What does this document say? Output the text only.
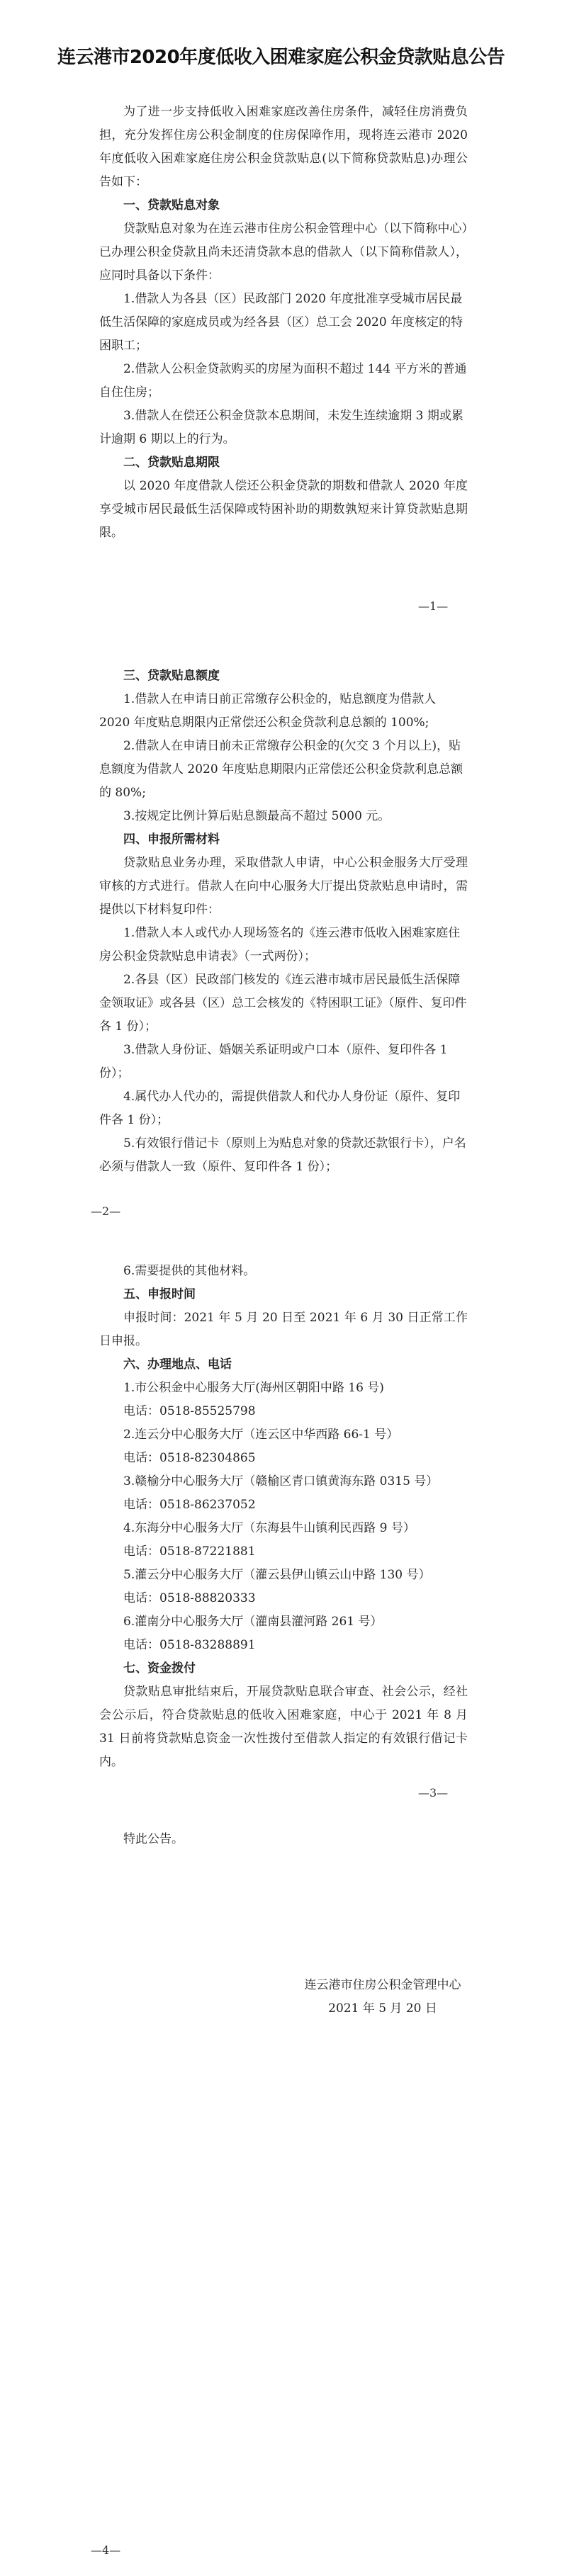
连云港市2020年度低收入困难家庭公积金贷款贴息公告

为了进一步支持低收入困难家庭改善住房条件，减轻住房消费负担，充分发挥住房公积金制度的住房保障作用，现将连云港市 2020 年度低收入困难家庭住房公积金贷款贴息(以下简称贷款贴息)办理公告如下：

一、贷款贴息对象

贷款贴息对象为在连云港市住房公积金管理中心（以下简称中心）已办理公积金贷款且尚未还清贷款本息的借款人（以下简称借款人），应同时具备以下条件：

1.借款人为各县（区）民政部门 2020 年度批准享受城市居民最低生活保障的家庭成员或为经各县（区）总工会 2020 年度核定的特困职工；

2.借款人公积金贷款购买的房屋为面积不超过 144 平方米的普通自住住房；

3.借款人在偿还公积金贷款本息期间，未发生连续逾期 3 期或累计逾期 6 期以上的行为。

二、贷款贴息期限

以 2020 年度借款人偿还公积金贷款的期数和借款人 2020 年度享受城市居民最低生活保障或特困补助的期数孰短来计算贷款贴息期限。

—1—

三、贷款贴息额度

1.借款人在申请日前正常缴存公积金的，贴息额度为借款人 2020 年度贴息期限内正常偿还公积金贷款利息总额的 100%;

2.借款人在申请日前未正常缴存公积金的(欠交 3 个月以上)，贴息额度为借款人 2020 年度贴息期限内正常偿还公积金贷款利息总额的 80%;

3.按规定比例计算后贴息额最高不超过 5000 元。

四、申报所需材料

贷款贴息业务办理，采取借款人申请，中心公积金服务大厅受理审核的方式进行。借款人在向中心服务大厅提出贷款贴息申请时，需提供以下材料复印件：

1.借款人本人或代办人现场签名的《连云港市低收入困难家庭住房公积金贷款贴息申请表》（一式两份）；

2.各县（区）民政部门核发的《连云港市城市居民最低生活保障金领取证》或各县（区）总工会核发的《特困职工证》（原件、复印件各 1 份）；

3.借款人身份证、婚姻关系证明或户口本（原件、复印件各 1 份）；

4.属代办人代办的，需提供借款人和代办人身份证（原件、复印件各 1 份）；

5.有效银行借记卡（原则上为贴息对象的贷款还款银行卡），户名必须与借款人一致（原件、复印件各 1 份）；

—2—

6.需要提供的其他材料。

五、申报时间

申报时间：2021 年 5 月 20 日至 2021 年 6 月 30 日正常工作日申报。

六、办理地点、电话

1.市公积金中心服务大厅(海州区朝阳中路 16 号)

电话：0518-85525798

2.连云分中心服务大厅（连云区中华西路 66-1 号）

电话：0518-82304865

3.赣榆分中心服务大厅（赣榆区青口镇黄海东路 0315 号）

电话：0518-86237052

4.东海分中心服务大厅（东海县牛山镇利民西路 9 号）

电话：0518-87221881

5.灌云分中心服务大厅（灌云县伊山镇云山中路 130 号）

电话：0518-88820333

6.灌南分中心服务大厅（灌南县灌河路 261 号）

电话：0518-83288891

七、资金拨付

贷款贴息审批结束后，开展贷款贴息联合审查、社会公示，经社会公示后，符合贷款贴息的低收入困难家庭，中心于 2021 年 8 月 31 日前将贷款贴息资金一次性拨付至借款人指定的有效银行借记卡内。

—3—

特此公告。

连云港市住房公积金管理中心

2021 年 5 月 20 日

—4—
